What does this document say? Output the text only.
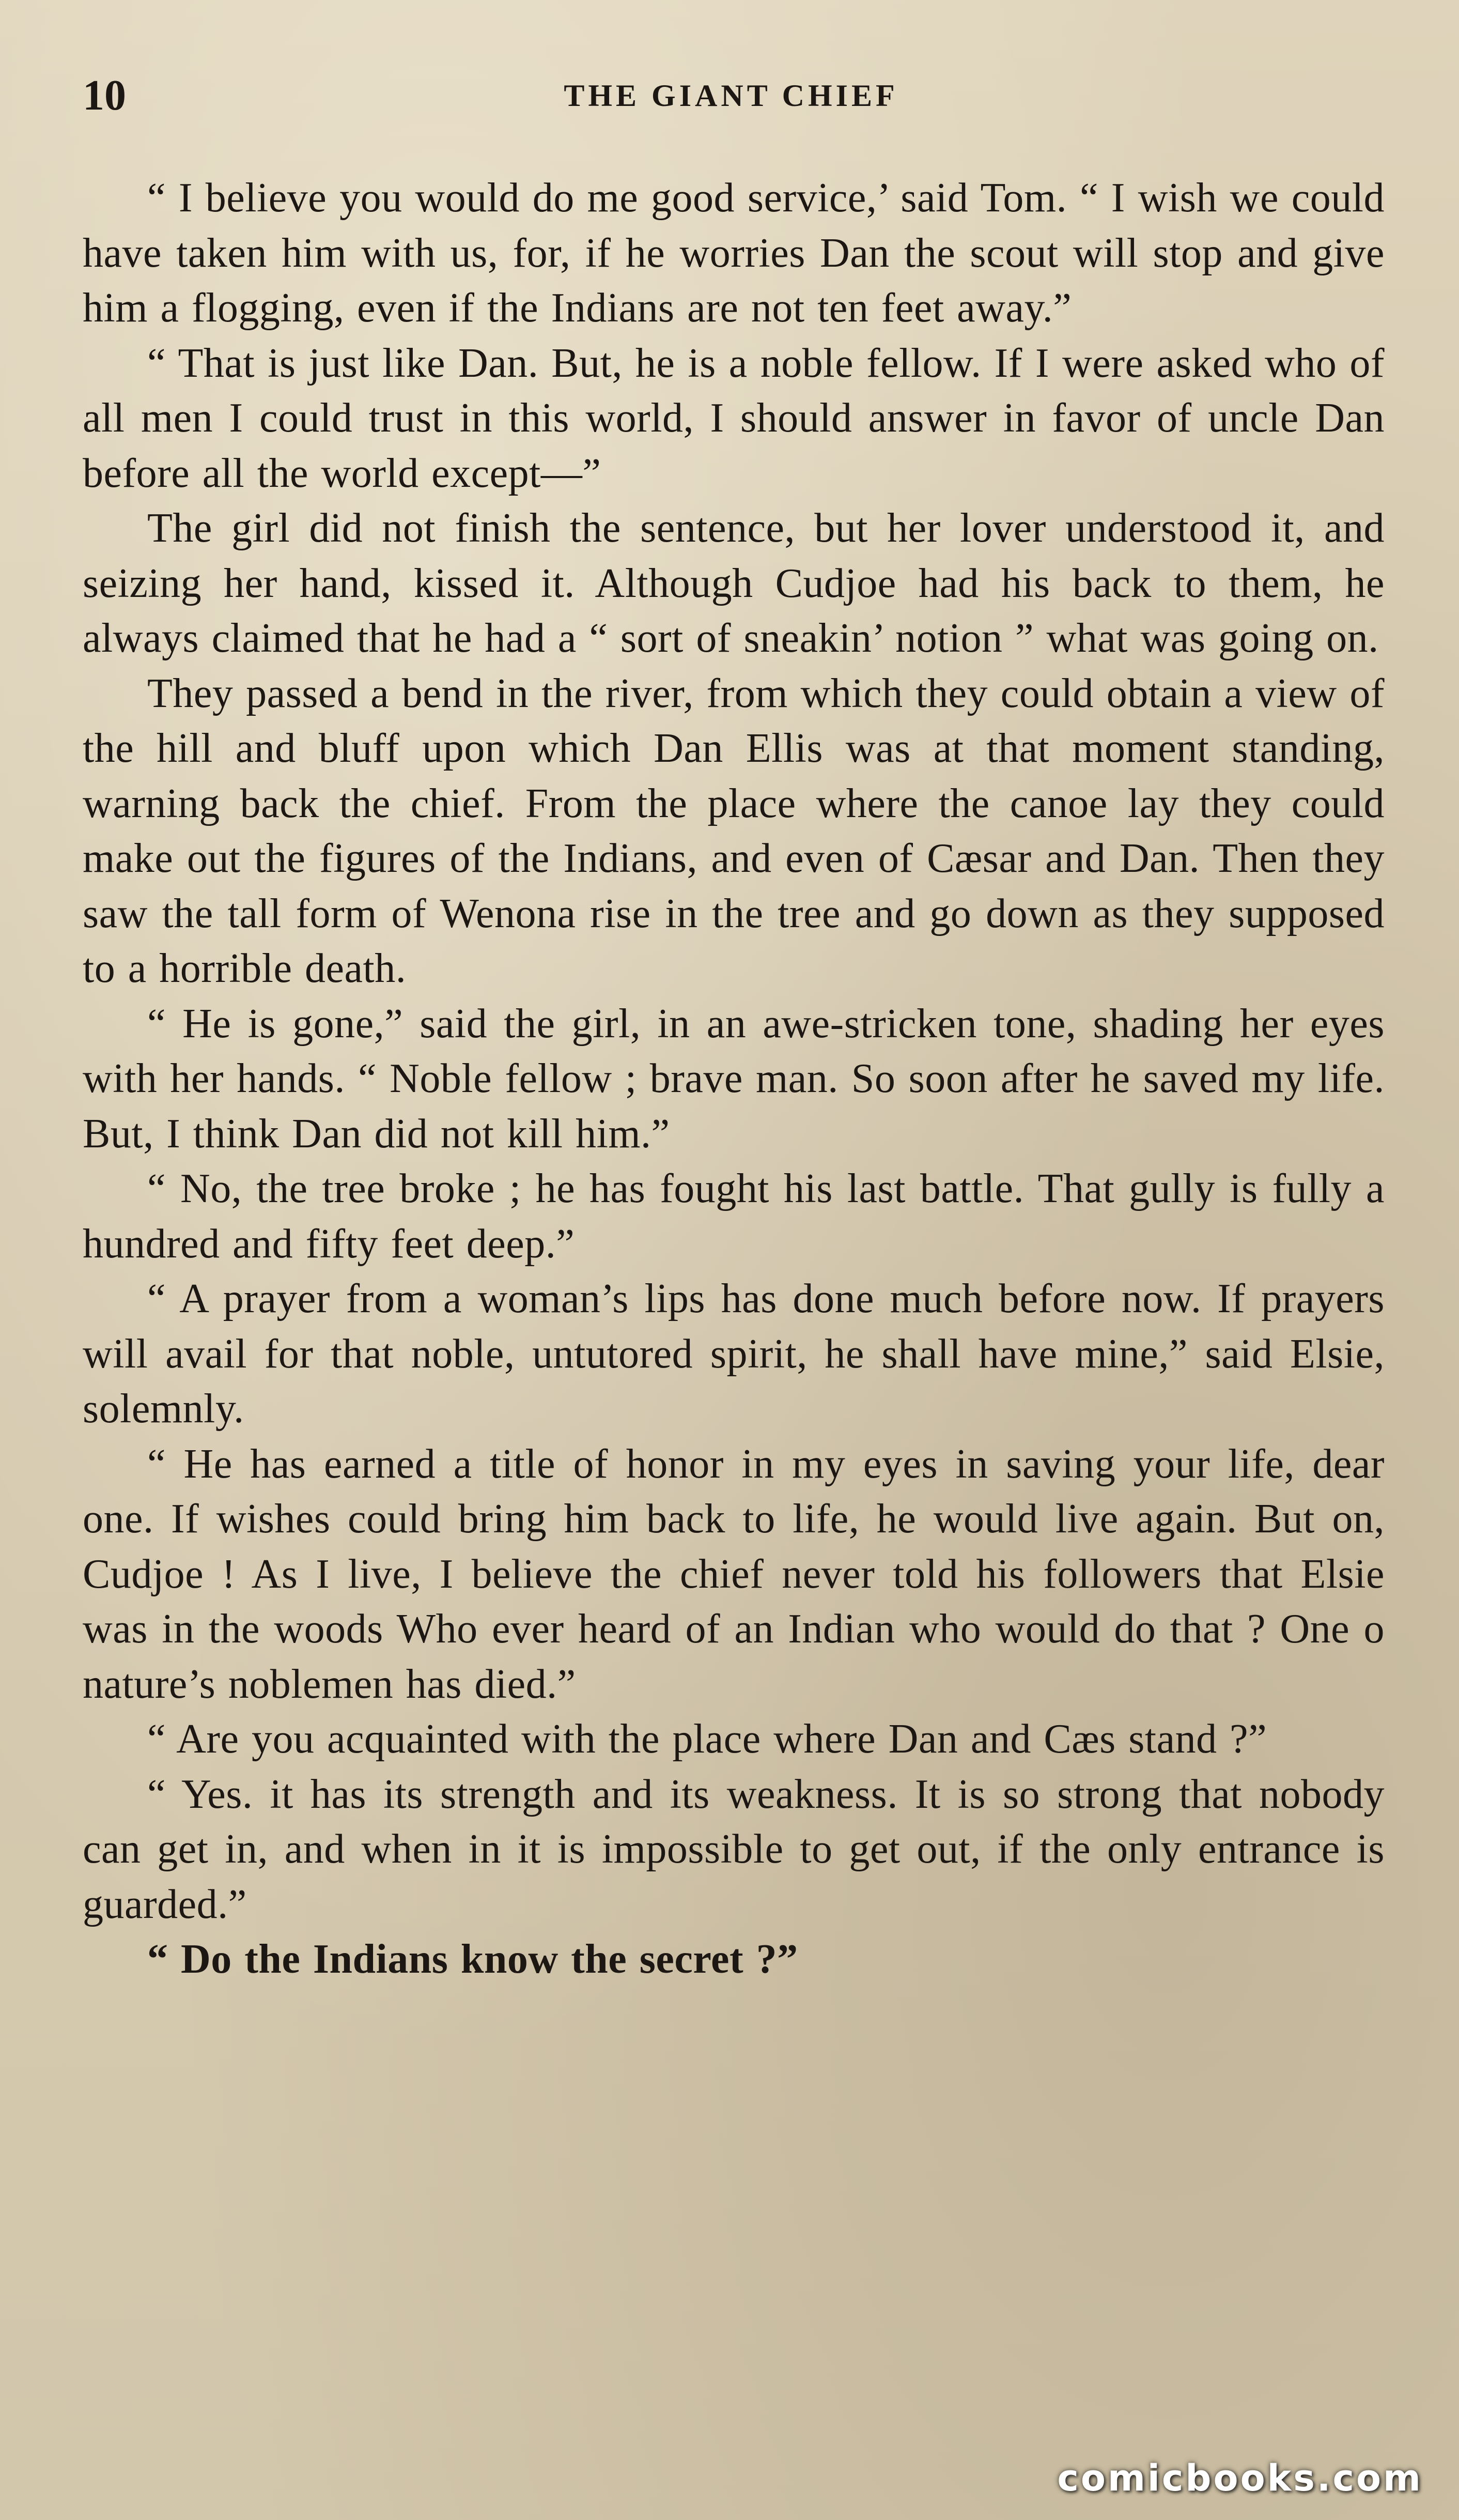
10	THE GIANT CHIEF

“ I believe you would do me good service,’ said Tom. “ I wish we could have taken him with us, for, if he worries Dan the scout will stop and give him a flogging, even if the Indians are not ten feet away.”

“ That is just like Dan. But, he is a noble fellow. If I were asked who of all men I could trust in this world, I should answer in favor of uncle Dan before all the world except—”

The girl did not finish the sentence, but her lover understood it, and seizing her hand, kissed it. Although Cudjoe had his back to them, he always claimed that he had a “ sort of sneakin’ notion ” what was going on.

They passed a bend in the river, from which they could obtain a view of the hill and bluff upon which Dan Ellis was at that moment standing, warning back the chief. From the place where the canoe lay they could make out the figures of the Indians, and even of Cæsar and Dan. Then they saw the tall form of Wenona rise in the tree and go down as they supposed to a horrible death.

“ He is gone,” said the girl, in an awe-stricken tone, shading her eyes with her hands. “ Noble fellow ; brave man. So soon after he saved my life. But, I think Dan did not kill him.”

“ No, the tree broke ; he has fought his last battle. That gully is fully a hundred and fifty feet deep.”

“ A prayer from a woman’s lips has done much before now. If prayers will avail for that noble, untutored spirit, he shall have mine,” said Elsie, solemnly.

“ He has earned a title of honor in my eyes in saving your life, dear one. If wishes could bring him back to life, he would live again. But on, Cudjoe ! As I live, I believe the chief never told his followers that Elsie was in the woods Who ever heard of an Indian who would do that ? One o nature’s noblemen has died.”

“ Are you acquainted with the place where Dan and Cæs stand ?”

“ Yes. it has its strength and its weakness. It is so strong that nobody can get in, and when in it is impossible to get out, if the only entrance is guarded.”

“ Do the Indians know the secret ?”

comicbooks.com
